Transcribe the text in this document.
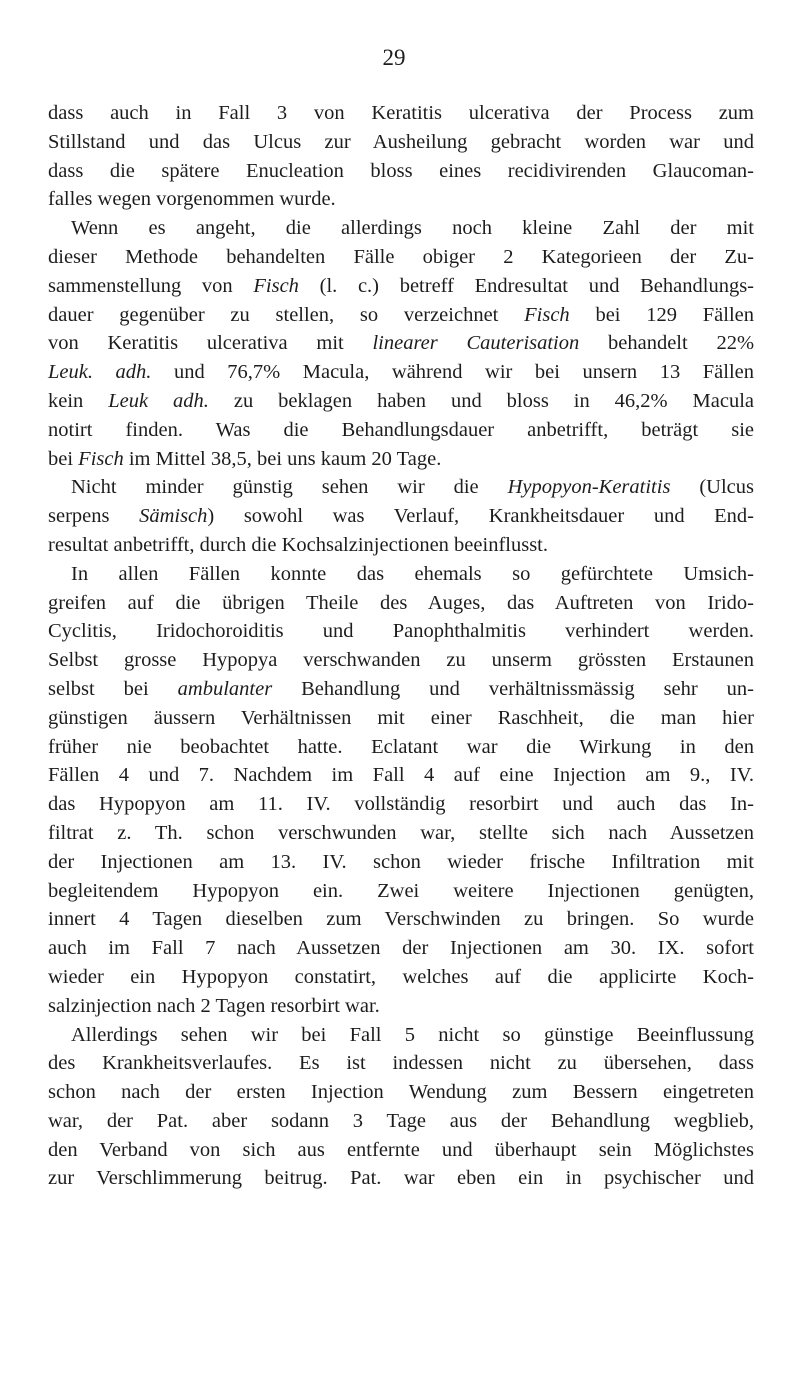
29
dass auch in Fall 3 von Keratitis ulcerativa der Process zum
Stillstand und das Ulcus zur Ausheilung gebracht worden war und
dass die spätere Enucleation bloss eines recidivirenden Glaucoman-
falles wegen vorgenommen wurde.
Wenn es angeht, die allerdings noch kleine Zahl der mit
dieser Methode behandelten Fälle obiger 2 Kategorieen der Zu-
sammenstellung von Fisch (l. c.) betreff Endresultat und Behandlungs-
dauer gegenüber zu stellen, so verzeichnet Fisch bei 129 Fällen
von Keratitis ulcerativa mit linearer Cauterisation behandelt 22%
Leuk. adh. und 76,7% Macula, während wir bei unsern 13 Fällen
kein Leuk adh. zu beklagen haben und bloss in 46,2% Macula
notirt finden. Was die Behandlungsdauer anbetrifft, beträgt sie
bei Fisch im Mittel 38,5, bei uns kaum 20 Tage.
Nicht minder günstig sehen wir die Hypopyon-Keratitis (Ulcus
serpens Sämisch) sowohl was Verlauf, Krankheitsdauer und End-
resultat anbetrifft, durch die Kochsalzinjectionen beeinflusst.
In allen Fällen konnte das ehemals so gefürchtete Umsich-
greifen auf die übrigen Theile des Auges, das Auftreten von Irido-
Cyclitis, Iridochoroiditis und Panophthalmitis verhindert werden.
Selbst grosse Hypopya verschwanden zu unserm grössten Erstaunen
selbst bei ambulanter Behandlung und verhältnissmässig sehr un-
günstigen äussern Verhältnissen mit einer Raschheit, die man hier
früher nie beobachtet hatte. Eclatant war die Wirkung in den
Fällen 4 und 7. Nachdem im Fall 4 auf eine Injection am 9., IV.
das Hypopyon am 11. IV. vollständig resorbirt und auch das In-
filtrat z. Th. schon verschwunden war, stellte sich nach Aussetzen
der Injectionen am 13. IV. schon wieder frische Infiltration mit
begleitendem Hypopyon ein. Zwei weitere Injectionen genügten,
innert 4 Tagen dieselben zum Verschwinden zu bringen. So wurde
auch im Fall 7 nach Aussetzen der Injectionen am 30. IX. sofort
wieder ein Hypopyon constatirt, welches auf die applicirte Koch-
salzinjection nach 2 Tagen resorbirt war.
Allerdings sehen wir bei Fall 5 nicht so günstige Beeinflussung
des Krankheitsverlaufes. Es ist indessen nicht zu übersehen, dass
schon nach der ersten Injection Wendung zum Bessern eingetreten
war, der Pat. aber sodann 3 Tage aus der Behandlung wegblieb,
den Verband von sich aus entfernte und überhaupt sein Möglichstes
zur Verschlimmerung beitrug. Pat. war eben ein in psychischer und
